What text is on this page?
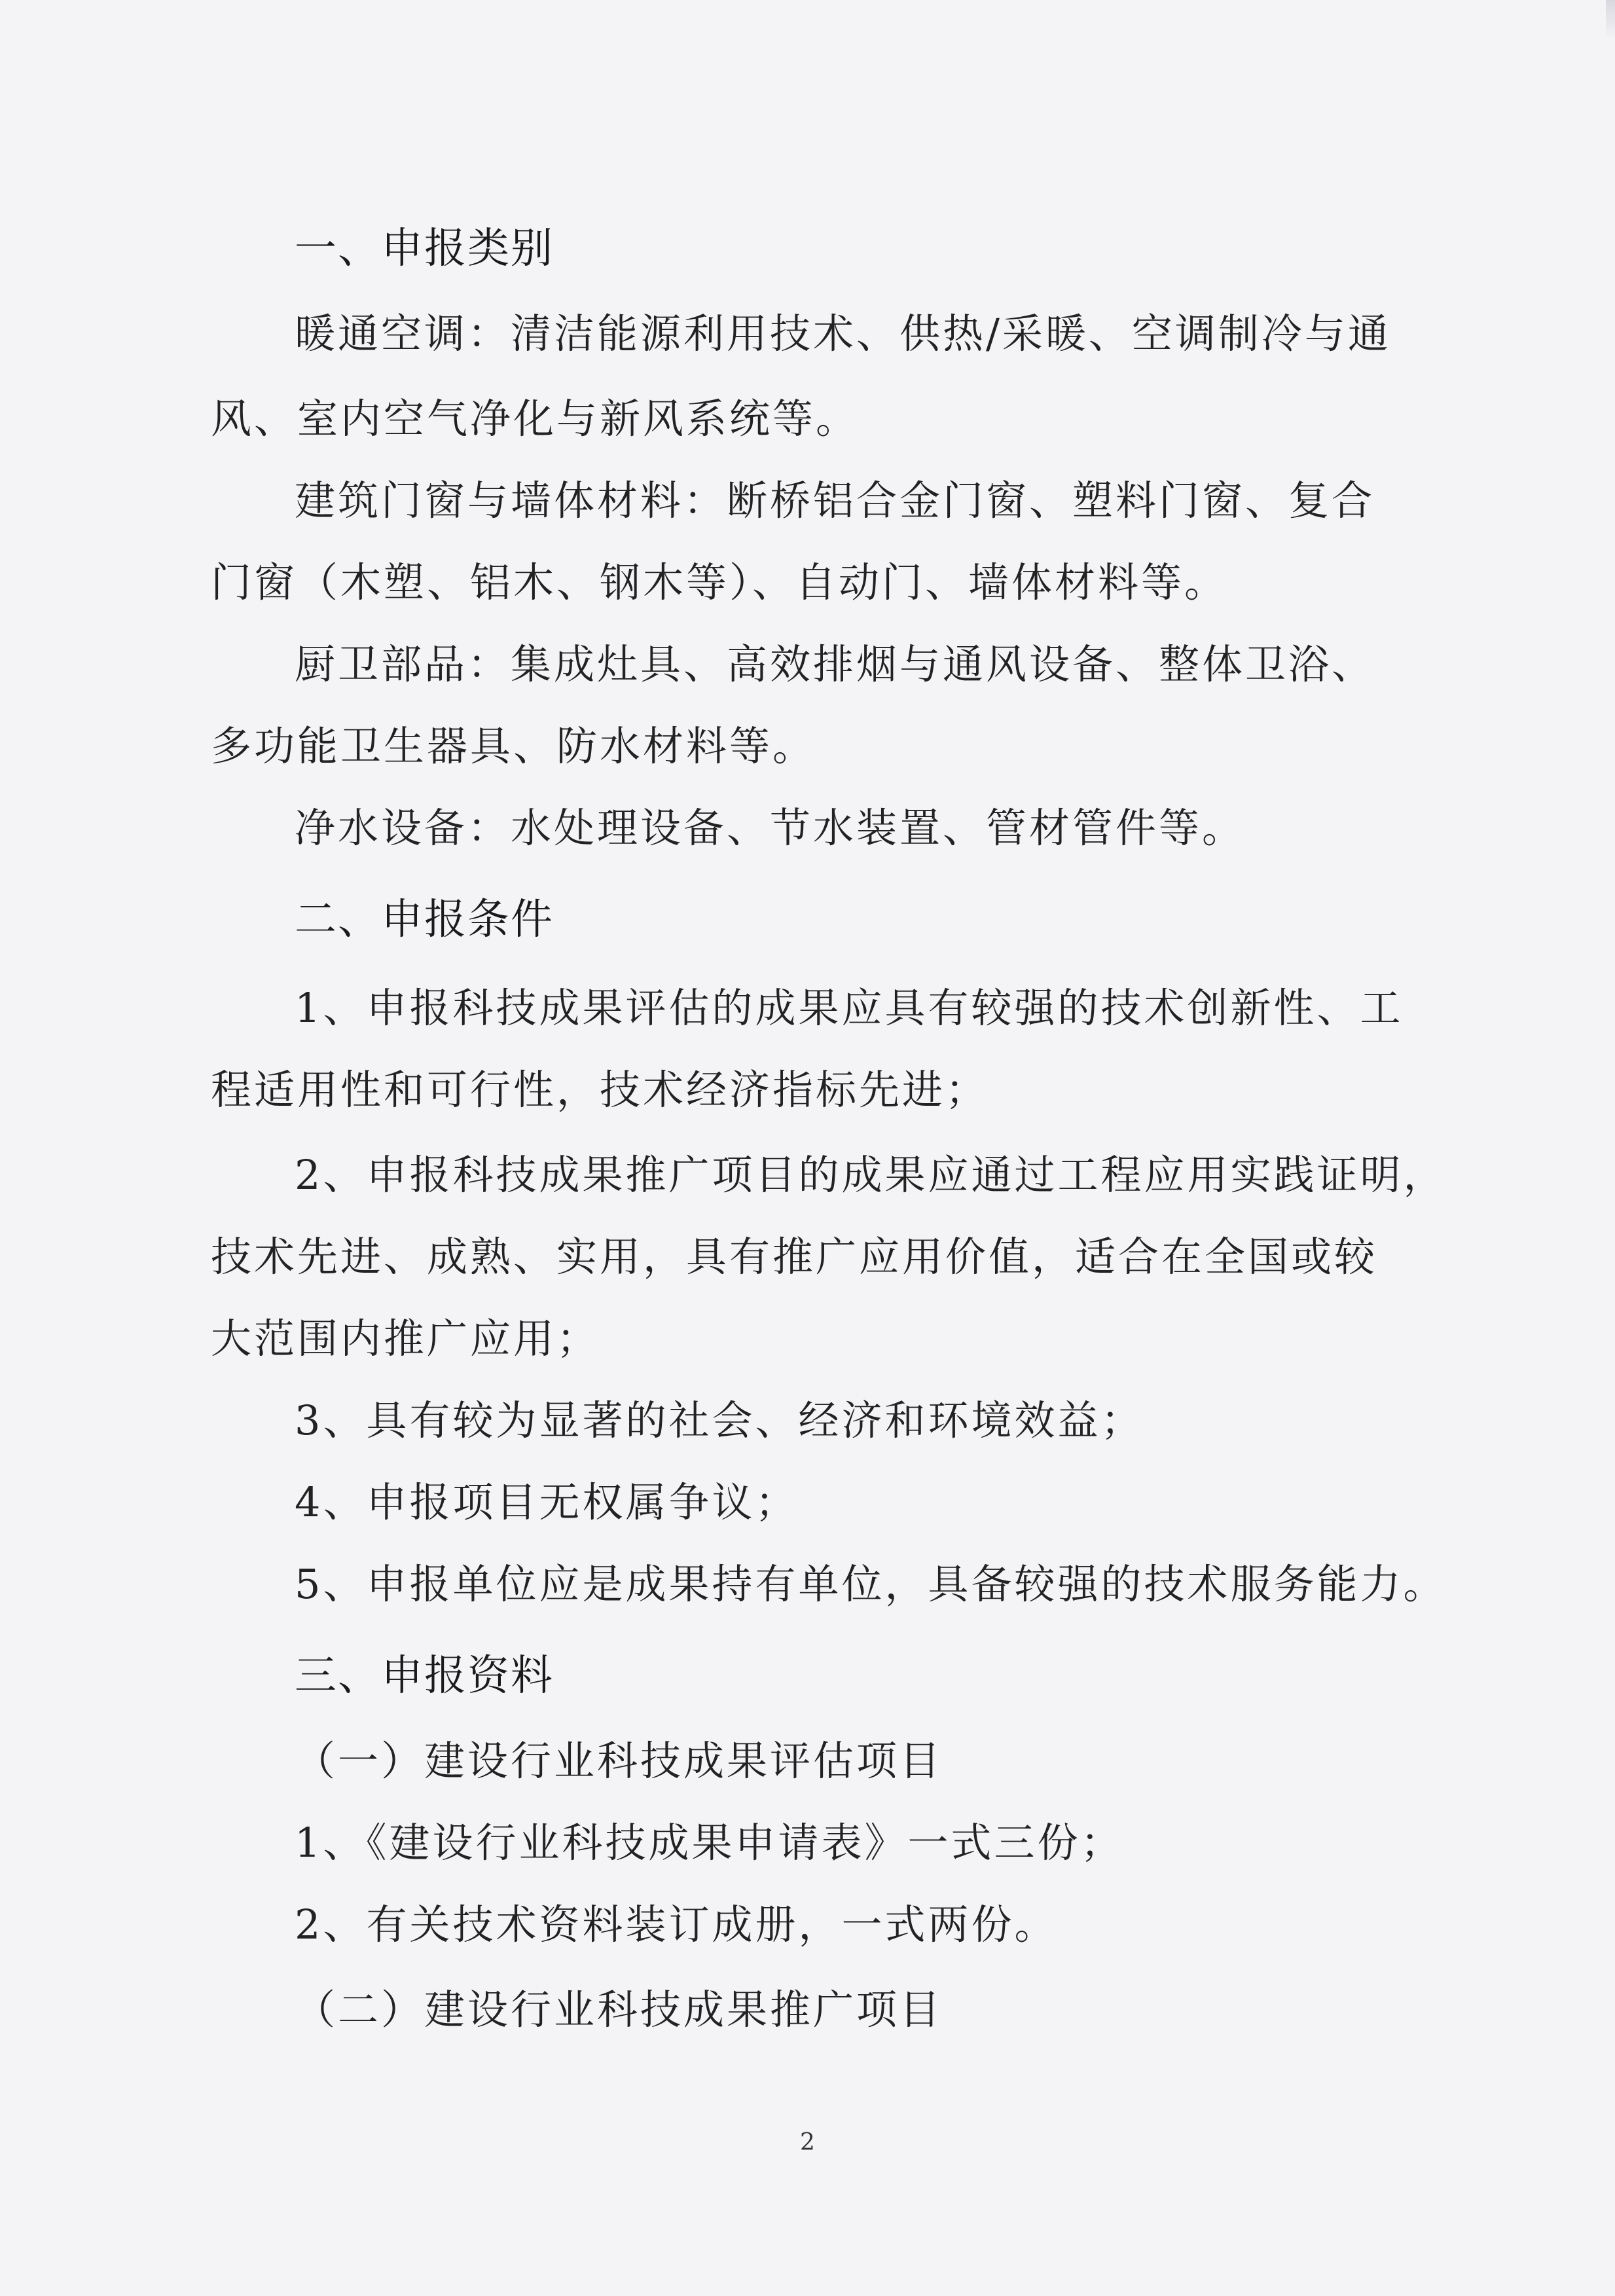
一、申报类别
暖通空调：清洁能源利用技术、供热/采暖、空调制冷与通
风、室内空气净化与新风系统等。
建筑门窗与墙体材料：断桥铝合金门窗、塑料门窗、复合
门窗（木塑、铝木、钢木等）、自动门、墙体材料等。
厨卫部品：集成灶具、高效排烟与通风设备、整体卫浴、
多功能卫生器具、防水材料等。
净水设备：水处理设备、节水装置、管材管件等。
二、申报条件
1、申报科技成果评估的成果应具有较强的技术创新性、工
程适用性和可行性，技术经济指标先进；
2、申报科技成果推广项目的成果应通过工程应用实践证明，
技术先进、成熟、实用，具有推广应用价值，适合在全国或较
大范围内推广应用；
3、具有较为显著的社会、经济和环境效益；
4、申报项目无权属争议；
5、申报单位应是成果持有单位，具备较强的技术服务能力。
三、申报资料
（一）建设行业科技成果评估项目
1、《建设行业科技成果申请表》一式三份；
2、有关技术资料装订成册，一式两份。
（二）建设行业科技成果推广项目
2
